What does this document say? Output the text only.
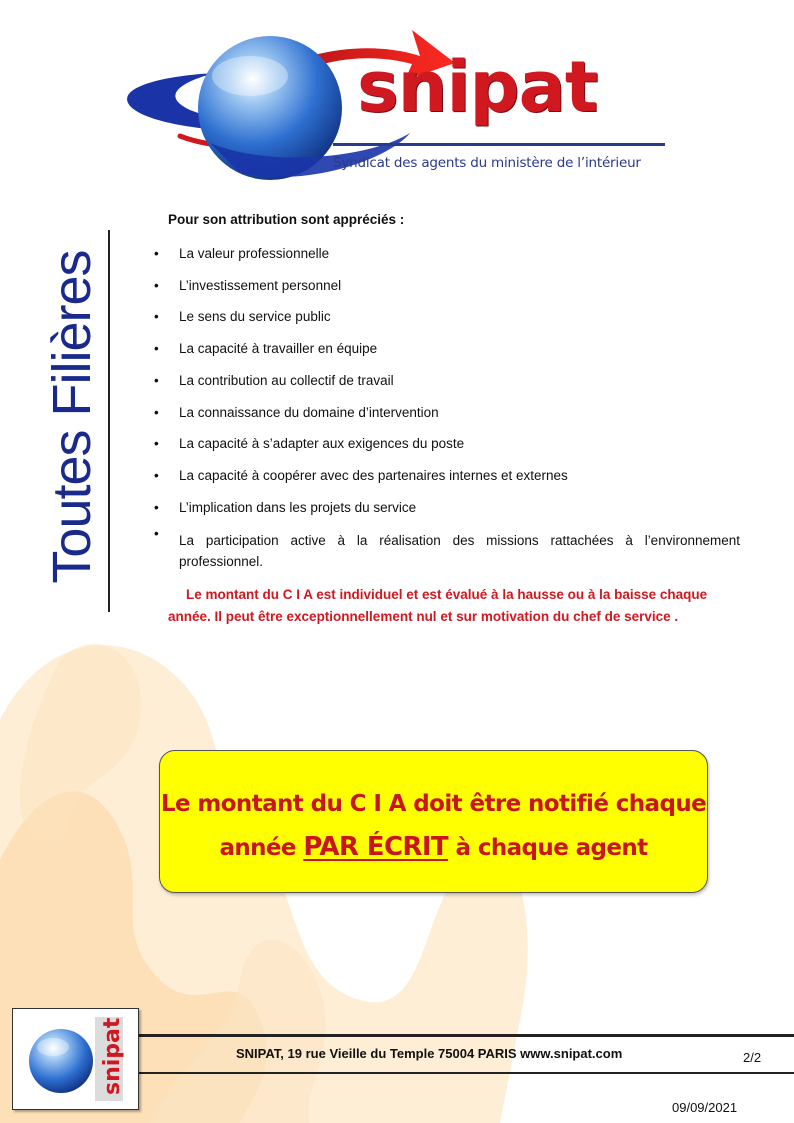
snipat
Syndicat des agents du ministère de l’intérieur
Toutes Filières
Pour son attribution sont appréciés :
• La valeur professionnelle
• L’investissement personnel
• Le sens du service public
• La capacité à travailler en équipe
• La contribution au collectif de travail
• La connaissance du domaine d’intervention
• La capacité à s’adapter aux exigences du poste
• La capacité à coopérer avec des partenaires internes et externes
• L’implication dans les projets du service
• La participation active à la réalisation des missions rattachées à l’environnement professionnel.
Le montant du C I A est individuel et est évalué à la hausse ou à la baisse chaque
année. Il peut être exceptionnellement nul et sur motivation du chef de service .
Le montant du C I A doit être notifié chaque
année PAR ÉCRIT à chaque agent
snipat	SNIPAT, 19 rue Vieille du Temple 75004 PARIS www.snipat.com	2/2
09/09/2021
